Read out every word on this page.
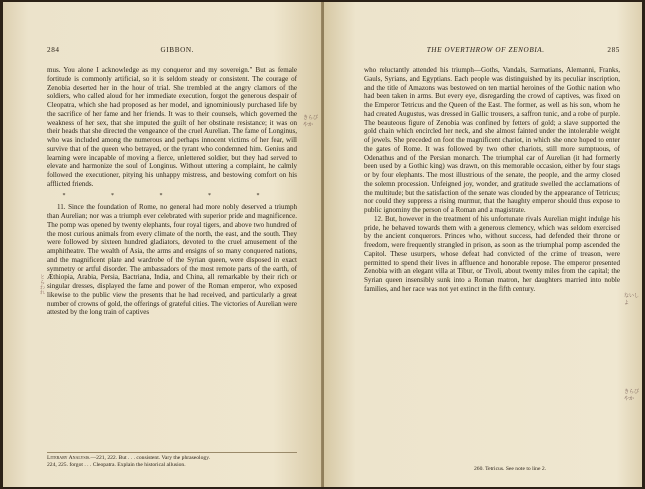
284	GIBBON.

mus. You alone I acknowledge as my conqueror and my sovereign." But as female fortitude is commonly artificial, so it is seldom steady or consistent. The courage of Zenobia deserted her in the hour of trial. She trembled at the angry clamors of the soldiers, who called aloud for her immediate execution, forgot the generous despair of Cleopatra, which she had proposed as her model, and ignominiously purchased life by the sacrifice of her fame and her friends. It was to their counsels, which governed the weakness of her sex, that she imputed the guilt of her obstinate resistance; it was on their heads that she directed the vengeance of the cruel Aurelian. The fame of Longinus, who was included among the numerous and perhaps innocent victims of her fear, will survive that of the queen who betrayed, or the tyrant who condemned him. Genius and learning were incapable of moving a fierce, unlettered soldier, but they had served to elevate and harmonize the soul of Longinus. Without uttering a complaint, he calmly followed the executioner, pitying his unhappy mistress, and bestowing comfort on his afflicted friends.

* * * * *

11. Since the foundation of Rome, no general had more nobly deserved a triumph than Aurelian; nor was a triumph ever celebrated with superior pride and magnificence. The pomp was opened by twenty elephants, four royal tigers, and above two hundred of the most curious animals from every climate of the north, the east, and the south. They were followed by sixteen hundred gladiators, devoted to the cruel amusement of the amphitheatre. The wealth of Asia, the arms and ensigns of so many conquered nations, and the magnificent plate and wardrobe of the Syrian queen, were disposed in exact symmetry or artful disorder. The ambassadors of the most remote parts of the earth, of Æthiopia, Arabia, Persia, Bactriana, India, and China, all remarkable by their rich or singular dresses, displayed the fame and power of the Roman emperor, who exposed likewise to the public view the presents that he had received, and particularly a great number of crowns of gold, the offerings of grateful cities. The victories of Aurelian were attested by the long train of captives

Literary Analysis.—221, 222. But . . . consistent. Vary the phraseology.
224, 225. forgot . . . Cleopatra. Explain the historical allusion.
とらわれ
きらびやか
THE OVERTHROW OF ZENOBIA.	285

who reluctantly attended his triumph—Goths, Vandals, Sarmatians, Alemanni, Franks, Gauls, Syrians, and Egyptians. Each people was distinguished by its peculiar inscription, and the title of Amazons was bestowed on ten martial heroines of the Gothic nation who had been taken in arms. But every eye, disregarding the crowd of captives, was fixed on the Emperor Tetricus and the Queen of the East. The former, as well as his son, whom he had created Augustus, was dressed in Gallic trousers, a saffron tunic, and a robe of purple. The beauteous figure of Zenobia was confined by fetters of gold; a slave supported the gold chain which encircled her neck, and she almost fainted under the intolerable weight of jewels. She preceded on foot the magnificent chariot, in which she once hoped to enter the gates of Rome. It was followed by two other chariots, still more sumptuous, of Odenathus and of the Persian monarch. The triumphal car of Aurelian (it had formerly been used by a Gothic king) was drawn, on this memorable occasion, either by four stags or by four elephants. The most illustrious of the senate, the people, and the army closed the solemn procession. Unfeigned joy, wonder, and gratitude swelled the acclamations of the multitude; but the satisfaction of the senate was clouded by the appearance of Tetricus; nor could they suppress a rising murmur, that the haughty emperor should thus expose to public ignominy the person of a Roman and a magistrate.

12. But, however in the treatment of his unfortunate rivals Aurelian might indulge his pride, he behaved towards them with a generous clemency, which was seldom exercised by the ancient conquerors. Princes who, without success, had defended their throne or freedom, were frequently strangled in prison, as soon as the triumphal pomp ascended the Capitol. These usurpers, whose defeat had convicted of the crime of treason, were permitted to spend their lives in affluence and honorable repose. The emperor presented Zenobia with an elegant villa at Tibur, or Tivoli, about twenty miles from the capital; the Syrian queen insensibly sunk into a Roman matron, her daughters married into noble families, and her race was not yet extinct in the fifth century.

260. Tetricus. See note to line 2.
きらびやか
ないしよ
